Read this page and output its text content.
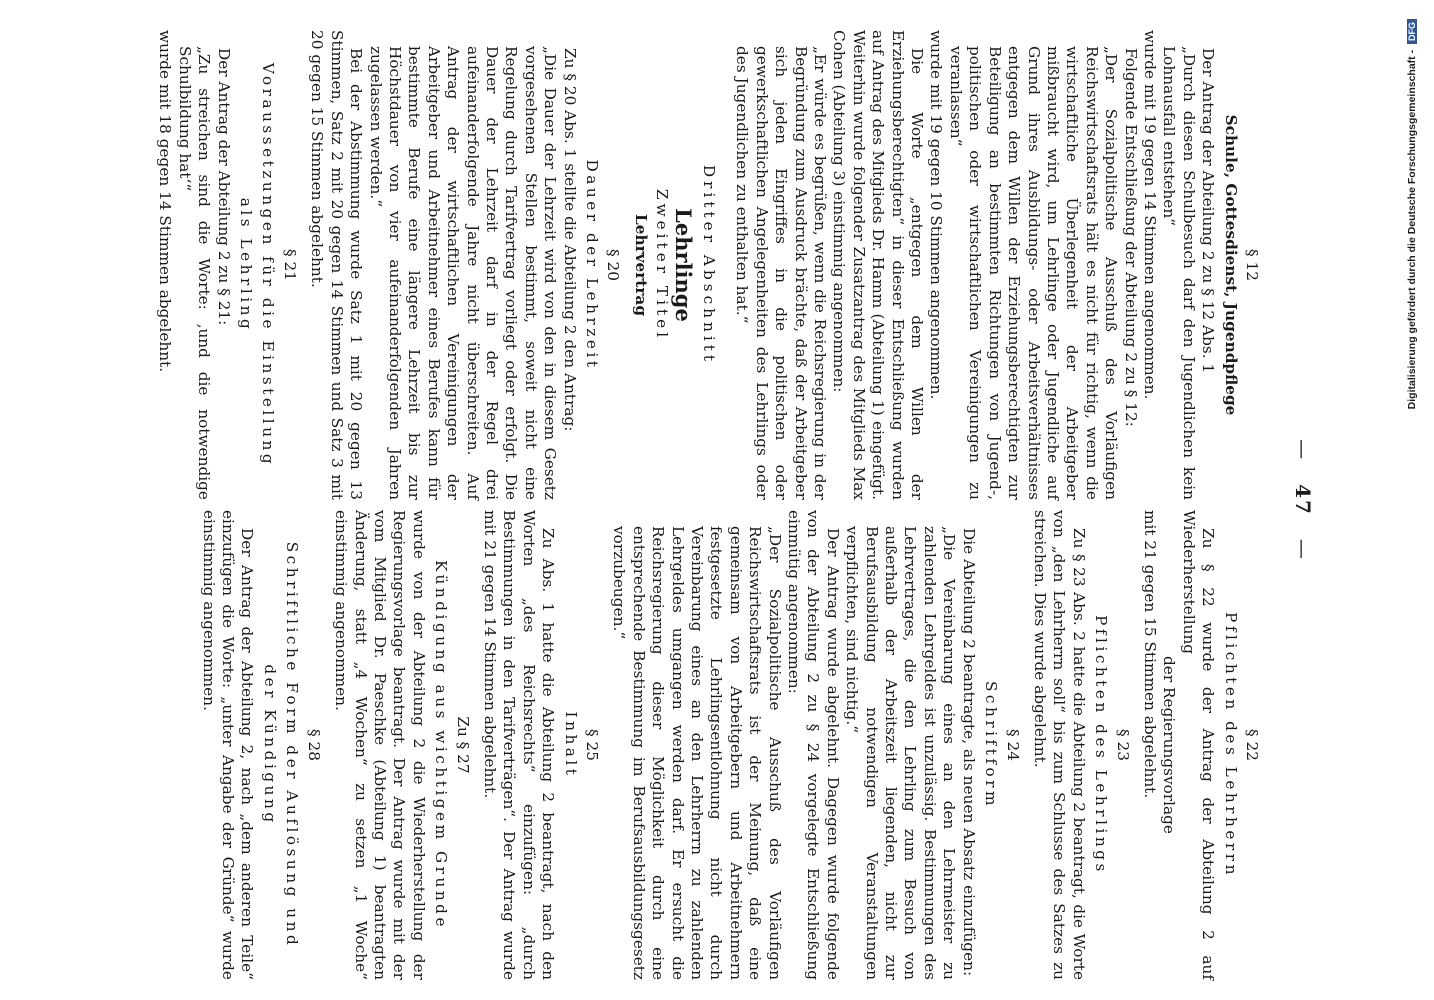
— 47 —
§ 12
Schule, Gottesdienst, Jugendpflege

Der Antrag der Abteilung 2 zu § 12 Abs. 1

„Durch diesen Schulbesuch darf den Jugendlichen kein Lohnausfall entstehen“

wurde mit 19 gegen 14 Stimmen angenommen.

Folgende Entschließung der Abteilung 2 zu § 12:

„Der Sozialpolitische Ausschuß des Vorläufigen Reichswirtschaftsrats hält es nicht für richtig, wenn die wirtschaftliche Überlegenheit der Arbeitgeber mißbraucht wird, um Lehrlinge oder Jugendliche auf Grund ihres Ausbildungs- oder Arbeitsverhältnisses entgegen dem Willen der Erziehungsberechtigten zur Beteiligung an bestimmten Richtungen von Jugend-, politischen oder wirtschaftlichen Vereinigungen zu veranlassen“

wurde mit 19 gegen 10 Stimmen angenommen.

Die Worte „entgegen dem Willen der Erziehungsberechtigten“ in dieser Entschließung wurden auf Antrag des Mitglieds Dr. Hamm (Abteilung 1) eingefügt. Weiterhin wurde folgender Zusatzantrag des Mitglieds Max Cohen (Abteilung 3) einstimmig angenommen:

„Er würde es begrüßen, wenn die Reichsregierung in der Begründung zum Ausdruck brächte, daß der Arbeitgeber sich jeden Eingriffes in die politischen oder gewerkschaftlichen Angelegenheiten des Lehrlings oder des Jugendlichen zu enthalten hat.“

Dritter Abschnitt
Lehrlinge
Zweiter Titel
Lehrvertrag
§ 20
Dauer der Lehrzeit

Zu § 20 Abs. 1 stellte die Abteilung 2 den Antrag:

„Die Dauer der Lehrzeit wird von den in diesem Gesetz vorgesehenen Stellen bestimmt, soweit nicht eine Regelung durch Tarifvertrag vorliegt oder erfolgt. Die Dauer der Lehrzeit darf in der Regel drei aufeinanderfolgende Jahre nicht überschreiten. Auf Antrag der wirtschaftlichen Vereinigungen der Arbeitgeber und Arbeitnehmer eines Berufes kann für bestimmte Berufe eine längere Lehrzeit bis zur Höchstdauer von vier aufeinanderfolgenden Jahren zugelassen werden.“

Bei der Abstimmung wurde Satz 1 mit 20 gegen 13 Stimmen, Satz 2 mit 20 gegen 14 Stimmen und Satz 3 mit 20 gegen 15 Stimmen abgelehnt.

§ 21
Voraussetzungen für die Einstellung
als Lehrling

Der Antrag der Abteilung 2 zu § 21:

„Zu streichen sind die Worte: ‚und die notwendige Schulbildung hat‘“

wurde mit 18 gegen 14 Stimmen abgelehnt.

§ 22
Pflichten des Lehrherrn

Zu § 22 wurde der Antrag der Abteilung 2 auf Wiederherstellung

der Regierungsvorlage

mit 21 gegen 15 Stimmen abgelehnt.

§ 23
Pflichten des Lehrlings

Zu § 23 Abs. 2 hatte die Abteilung 2 beantragt, die Worte von „den Lehrherrn soll“ bis zum Schlusse des Satzes zu streichen. Dies wurde abgelehnt.

§ 24
Schriftform

Die Abteilung 2 beantragte, als neuen Absatz einzufügen:

„Die Vereinbarung eines an den Lehrmeister zu zahlenden Lehrgeldes ist unzulässig. Bestimmungen des Lehrvertrages, die den Lehrling zum Besuch von außerhalb der Arbeitszeit liegenden, nicht zur Berufsausbildung notwendigen Veranstaltungen verpflichten, sind nichtig.“

Der Antrag wurde abgelehnt. Dagegen wurde folgende von der Abteilung 2 zu § 24 vorgelegte Entschließung einmütig angenommen:

„Der Sozialpolitische Ausschuß des Vorläufigen Reichswirtschaftsrats ist der Meinung, daß eine gemeinsam von Arbeitgebern und Arbeitnehmern festgesetzte Lehrlingsentlohnung nicht durch Vereinbarung eines an den Lehrherrn zu zahlenden Lehrgeldes umgangen werden darf. Er ersucht die Reichsregierung dieser Möglichkeit durch eine entsprechende Bestimmung im Berufsausbildungsgesetz vorzubeugen.“

§ 25
Inhalt

Zu Abs. 1 hatte die Abteilung 2 beantragt, nach den Worten „des Reichsrechts“ einzufügen: „durch Bestimmungen in den Tarifverträgen“. Der Antrag wurde mit 21 gegen 14 Stimmen abgelehnt.

Zu § 27
Kündigung aus wichtigem Grunde

wurde von der Abteilung 2 die Wiederherstellung der Regierungsvorlage beantragt. Der Antrag wurde mit der vom Mitglied Dr. Paeschke (Abteilung 1) beantragten Änderung, statt „4 Wochen“ zu setzen „1 Woche“ einstimmig angenommen.

§ 28
Schriftliche Form der Auflösung und
der Kündigung

Der Antrag der Abteilung 2, nach „dem anderen Teile“ einzufügen die Worte: „unter Angabe der Gründe“ wurde einstimmig angenommen.

Digitalisierung gefördert durch die Deutsche Forschungsgemeinschaft - DFG
